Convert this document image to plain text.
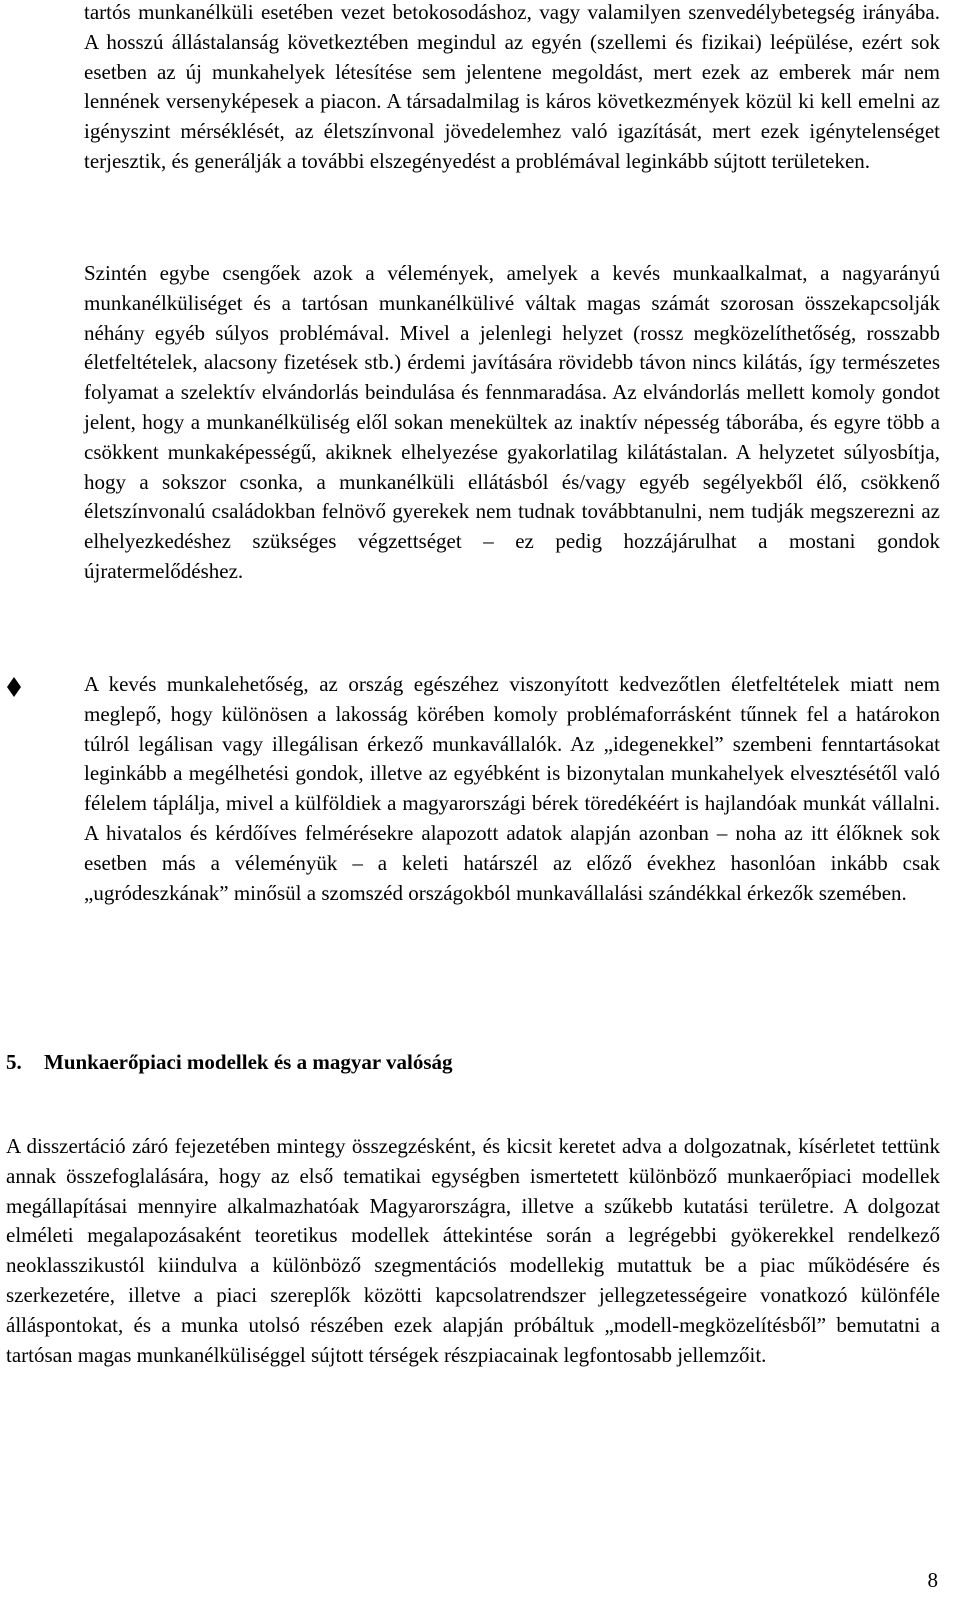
tartós munkanélküli esetében vezet betokosodáshoz, vagy valamilyen szenvedélybetegség irányába. A hosszú állástalanság következtében megindul az egyén (szellemi és fizikai) leépülése, ezért sok esetben az új munkahelyek létesítése sem jelentene megoldást, mert ezek az emberek már nem lennének versenyképesek a piacon. A társadalmilag is káros következmények közül ki kell emelni az igényszint mérséklését, az életszínvonal jövedelemhez való igazítását, mert ezek igénytelenséget terjesztik, és generálják a további elszegényedést a problémával leginkább sújtott területeken.

Szintén egybe csengőek azok a vélemények, amelyek a kevés munkaalkalmat, a nagyarányú munkanélküliséget és a tartósan munkanélkülivé váltak magas számát szorosan összekapcsolják néhány egyéb súlyos problémával. Mivel a jelenlegi helyzet (rossz megközelíthetőség, rosszabb életfeltételek, alacsony fizetések stb.) érdemi javítására rövidebb távon nincs kilátás, így természetes folyamat a szelektív elvándorlás beindulása és fennmaradása. Az elvándorlás mellett komoly gondot jelent, hogy a munkanélküliség elől sokan menekültek az inaktív népesség táborába, és egyre több a csökkent munkaképességű, akiknek elhelyezése gyakorlatilag kilátástalan. A helyzetet súlyosbítja, hogy a sokszor csonka, a munkanélküli ellátásból és/vagy egyéb segélyekből élő, csökkenő életszínvonalú családokban felnövő gyerekek nem tudnak továbbtanulni, nem tudják megszerezni az elhelyezkedéshez szükséges végzettséget – ez pedig hozzájárulhat a mostani gondok újratermelődéshez.

A kevés munkalehetőség, az ország egészéhez viszonyított kedvezőtlen életfeltételek miatt nem meglepő, hogy különösen a lakosság körében komoly problémaforrásként tűnnek fel a határokon túlról legálisan vagy illegálisan érkező munkavállalók. Az „idegenekkel” szembeni fenntartásokat leginkább a megélhetési gondok, illetve az egyébként is bizonytalan munkahelyek elvesztésétől való félelem táplálja, mivel a külföldiek a magyarországi bérek töredékéért is hajlandóak munkát vállalni. A hivatalos és kérdőíves felmérésekre alapozott adatok alapján azonban – noha az itt élőknek sok esetben más a véleményük – a keleti határszél az előző évekhez hasonlóan inkább csak „ugródeszkának” minősül a szomszéd országokból munkavállalási szándékkal érkezők szemében.

5. Munkaerőpiaci modellek és a magyar valóság

A disszertáció záró fejezetében mintegy összegzésként, és kicsit keretet adva a dolgozatnak, kísérletet tettünk annak összefoglalására, hogy az első tematikai egységben ismertetett különböző munkaerőpiaci modellek megállapításai mennyire alkalmazhatóak Magyarországra, illetve a szűkebb kutatási területre. A dolgozat elméleti megalapozásaként teoretikus modellek áttekintése során a legrégebbi gyökerekkel rendelkező neoklasszikustól kiindulva a különböző szegmentációs modellekig mutattuk be a piac működésére és szerkezetére, illetve a piaci szereplők közötti kapcsolatrendszer jellegzetességeire vonatkozó különféle álláspontokat, és a munka utolsó részében ezek alapján próbáltuk „modell-megközelítésből” bemutatni a tartósan magas munkanélküliséggel sújtott térségek részpiacainak legfontosabb jellemzőit.

8
